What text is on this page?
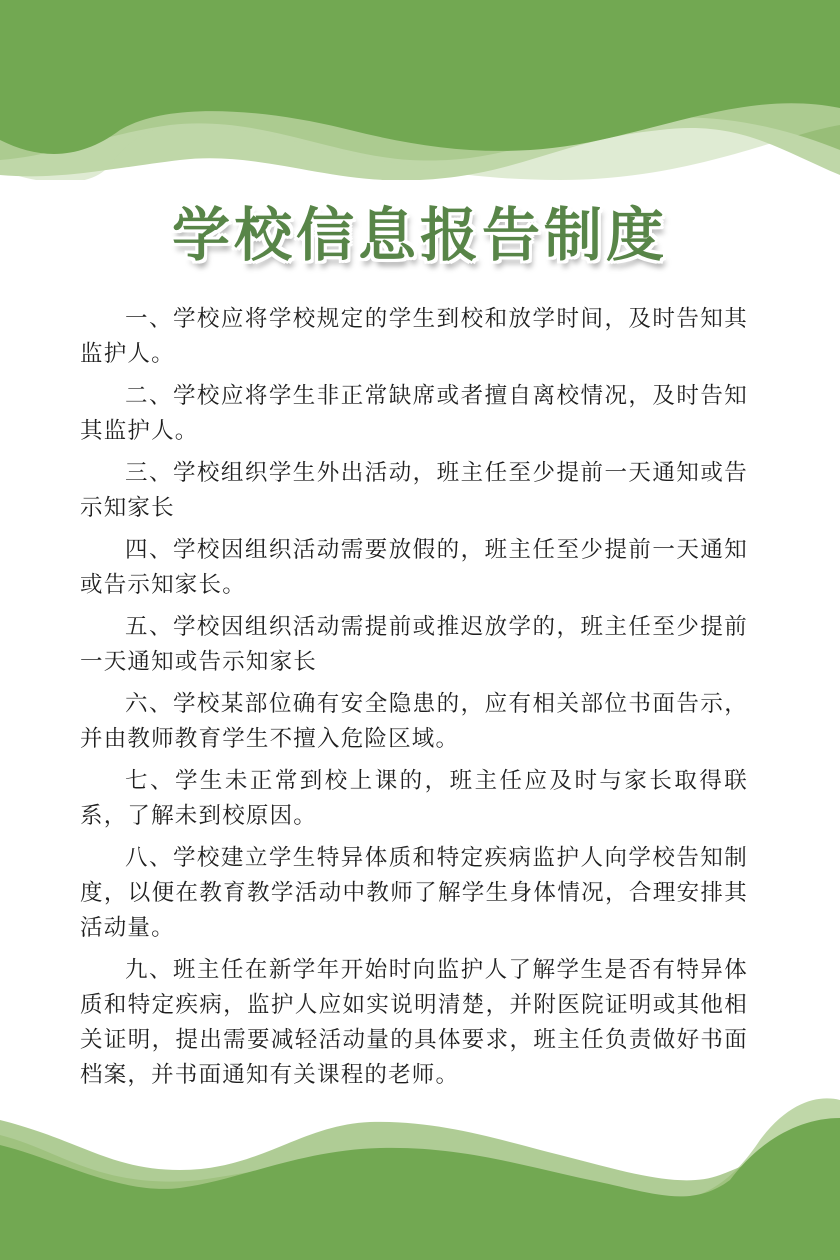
学校信息报告制度

一、学校应将学校规定的学生到校和放学时间，及时告知其监护人。

二、学校应将学生非正常缺席或者擅自离校情况，及时告知其监护人。

三、学校组织学生外出活动，班主任至少提前一天通知或告示知家长

四、学校因组织活动需要放假的，班主任至少提前一天通知或告示知家长。

五、学校因组织活动需提前或推迟放学的，班主任至少提前一天通知或告示知家长

六、学校某部位确有安全隐患的，应有相关部位书面告示，并由教师教育学生不擅入危险区域。

七、学生未正常到校上课的，班主任应及时与家长取得联系，了解未到校原因。

八、学校建立学生特异体质和特定疾病监护人向学校告知制度，以便在教育教学活动中教师了解学生身体情况，合理安排其活动量。

九、班主任在新学年开始时向监护人了解学生是否有特异体质和特定疾病，监护人应如实说明清楚，并附医院证明或其他相关证明，提出需要减轻活动量的具体要求，班主任负责做好书面档案，并书面通知有关课程的老师。
